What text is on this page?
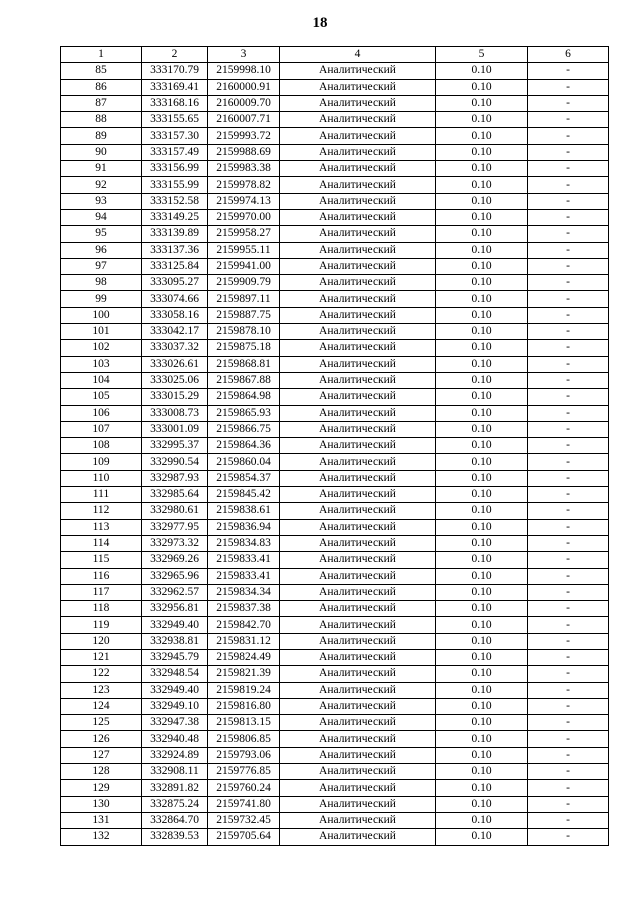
18
1	2	3	4	5	6
85	333170.79	2159998.10	Аналитический	0.10	-
86	333169.41	2160000.91	Аналитический	0.10	-
87	333168.16	2160009.70	Аналитический	0.10	-
88	333155.65	2160007.71	Аналитический	0.10	-
89	333157.30	2159993.72	Аналитический	0.10	-
90	333157.49	2159988.69	Аналитический	0.10	-
91	333156.99	2159983.38	Аналитический	0.10	-
92	333155.99	2159978.82	Аналитический	0.10	-
93	333152.58	2159974.13	Аналитический	0.10	-
94	333149.25	2159970.00	Аналитический	0.10	-
95	333139.89	2159958.27	Аналитический	0.10	-
96	333137.36	2159955.11	Аналитический	0.10	-
97	333125.84	2159941.00	Аналитический	0.10	-
98	333095.27	2159909.79	Аналитический	0.10	-
99	333074.66	2159897.11	Аналитический	0.10	-
100	333058.16	2159887.75	Аналитический	0.10	-
101	333042.17	2159878.10	Аналитический	0.10	-
102	333037.32	2159875.18	Аналитический	0.10	-
103	333026.61	2159868.81	Аналитический	0.10	-
104	333025.06	2159867.88	Аналитический	0.10	-
105	333015.29	2159864.98	Аналитический	0.10	-
106	333008.73	2159865.93	Аналитический	0.10	-
107	333001.09	2159866.75	Аналитический	0.10	-
108	332995.37	2159864.36	Аналитический	0.10	-
109	332990.54	2159860.04	Аналитический	0.10	-
110	332987.93	2159854.37	Аналитический	0.10	-
111	332985.64	2159845.42	Аналитический	0.10	-
112	332980.61	2159838.61	Аналитический	0.10	-
113	332977.95	2159836.94	Аналитический	0.10	-
114	332973.32	2159834.83	Аналитический	0.10	-
115	332969.26	2159833.41	Аналитический	0.10	-
116	332965.96	2159833.41	Аналитический	0.10	-
117	332962.57	2159834.34	Аналитический	0.10	-
118	332956.81	2159837.38	Аналитический	0.10	-
119	332949.40	2159842.70	Аналитический	0.10	-
120	332938.81	2159831.12	Аналитический	0.10	-
121	332945.79	2159824.49	Аналитический	0.10	-
122	332948.54	2159821.39	Аналитический	0.10	-
123	332949.40	2159819.24	Аналитический	0.10	-
124	332949.10	2159816.80	Аналитический	0.10	-
125	332947.38	2159813.15	Аналитический	0.10	-
126	332940.48	2159806.85	Аналитический	0.10	-
127	332924.89	2159793.06	Аналитический	0.10	-
128	332908.11	2159776.85	Аналитический	0.10	-
129	332891.82	2159760.24	Аналитический	0.10	-
130	332875.24	2159741.80	Аналитический	0.10	-
131	332864.70	2159732.45	Аналитический	0.10	-
132	332839.53	2159705.64	Аналитический	0.10	-
